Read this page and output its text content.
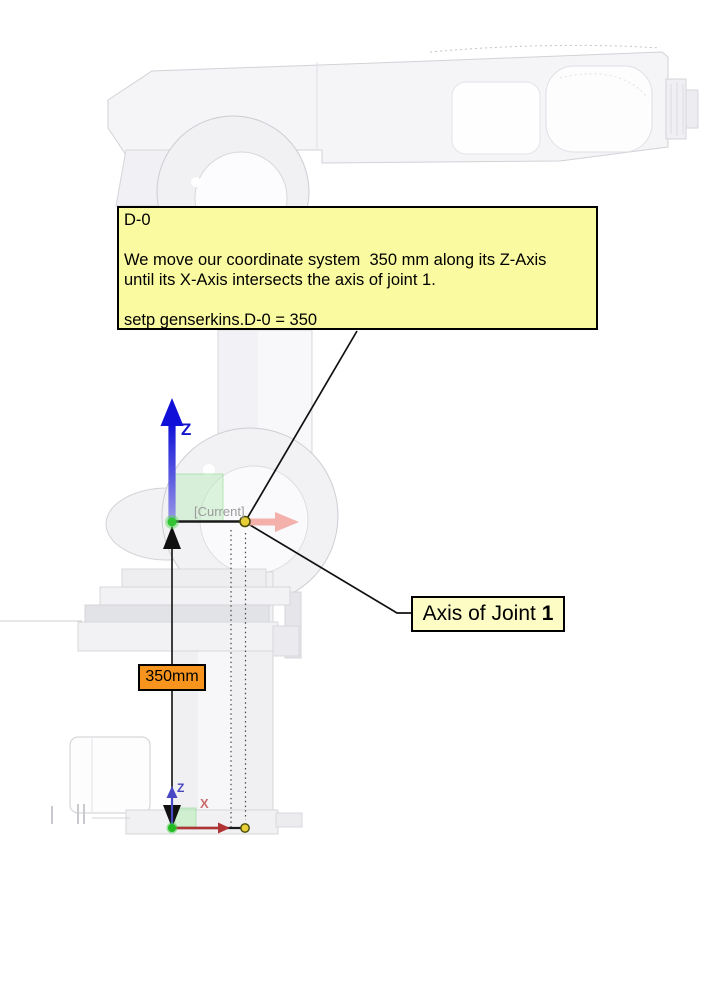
D-0
We move our coordinate system  350 mm along its Z-Axis
until its X-Axis intersects the axis of joint 1.
setp genserkins.D-0 = 350
Axis of Joint 1
350mm
[Current]
Z
Z
X
